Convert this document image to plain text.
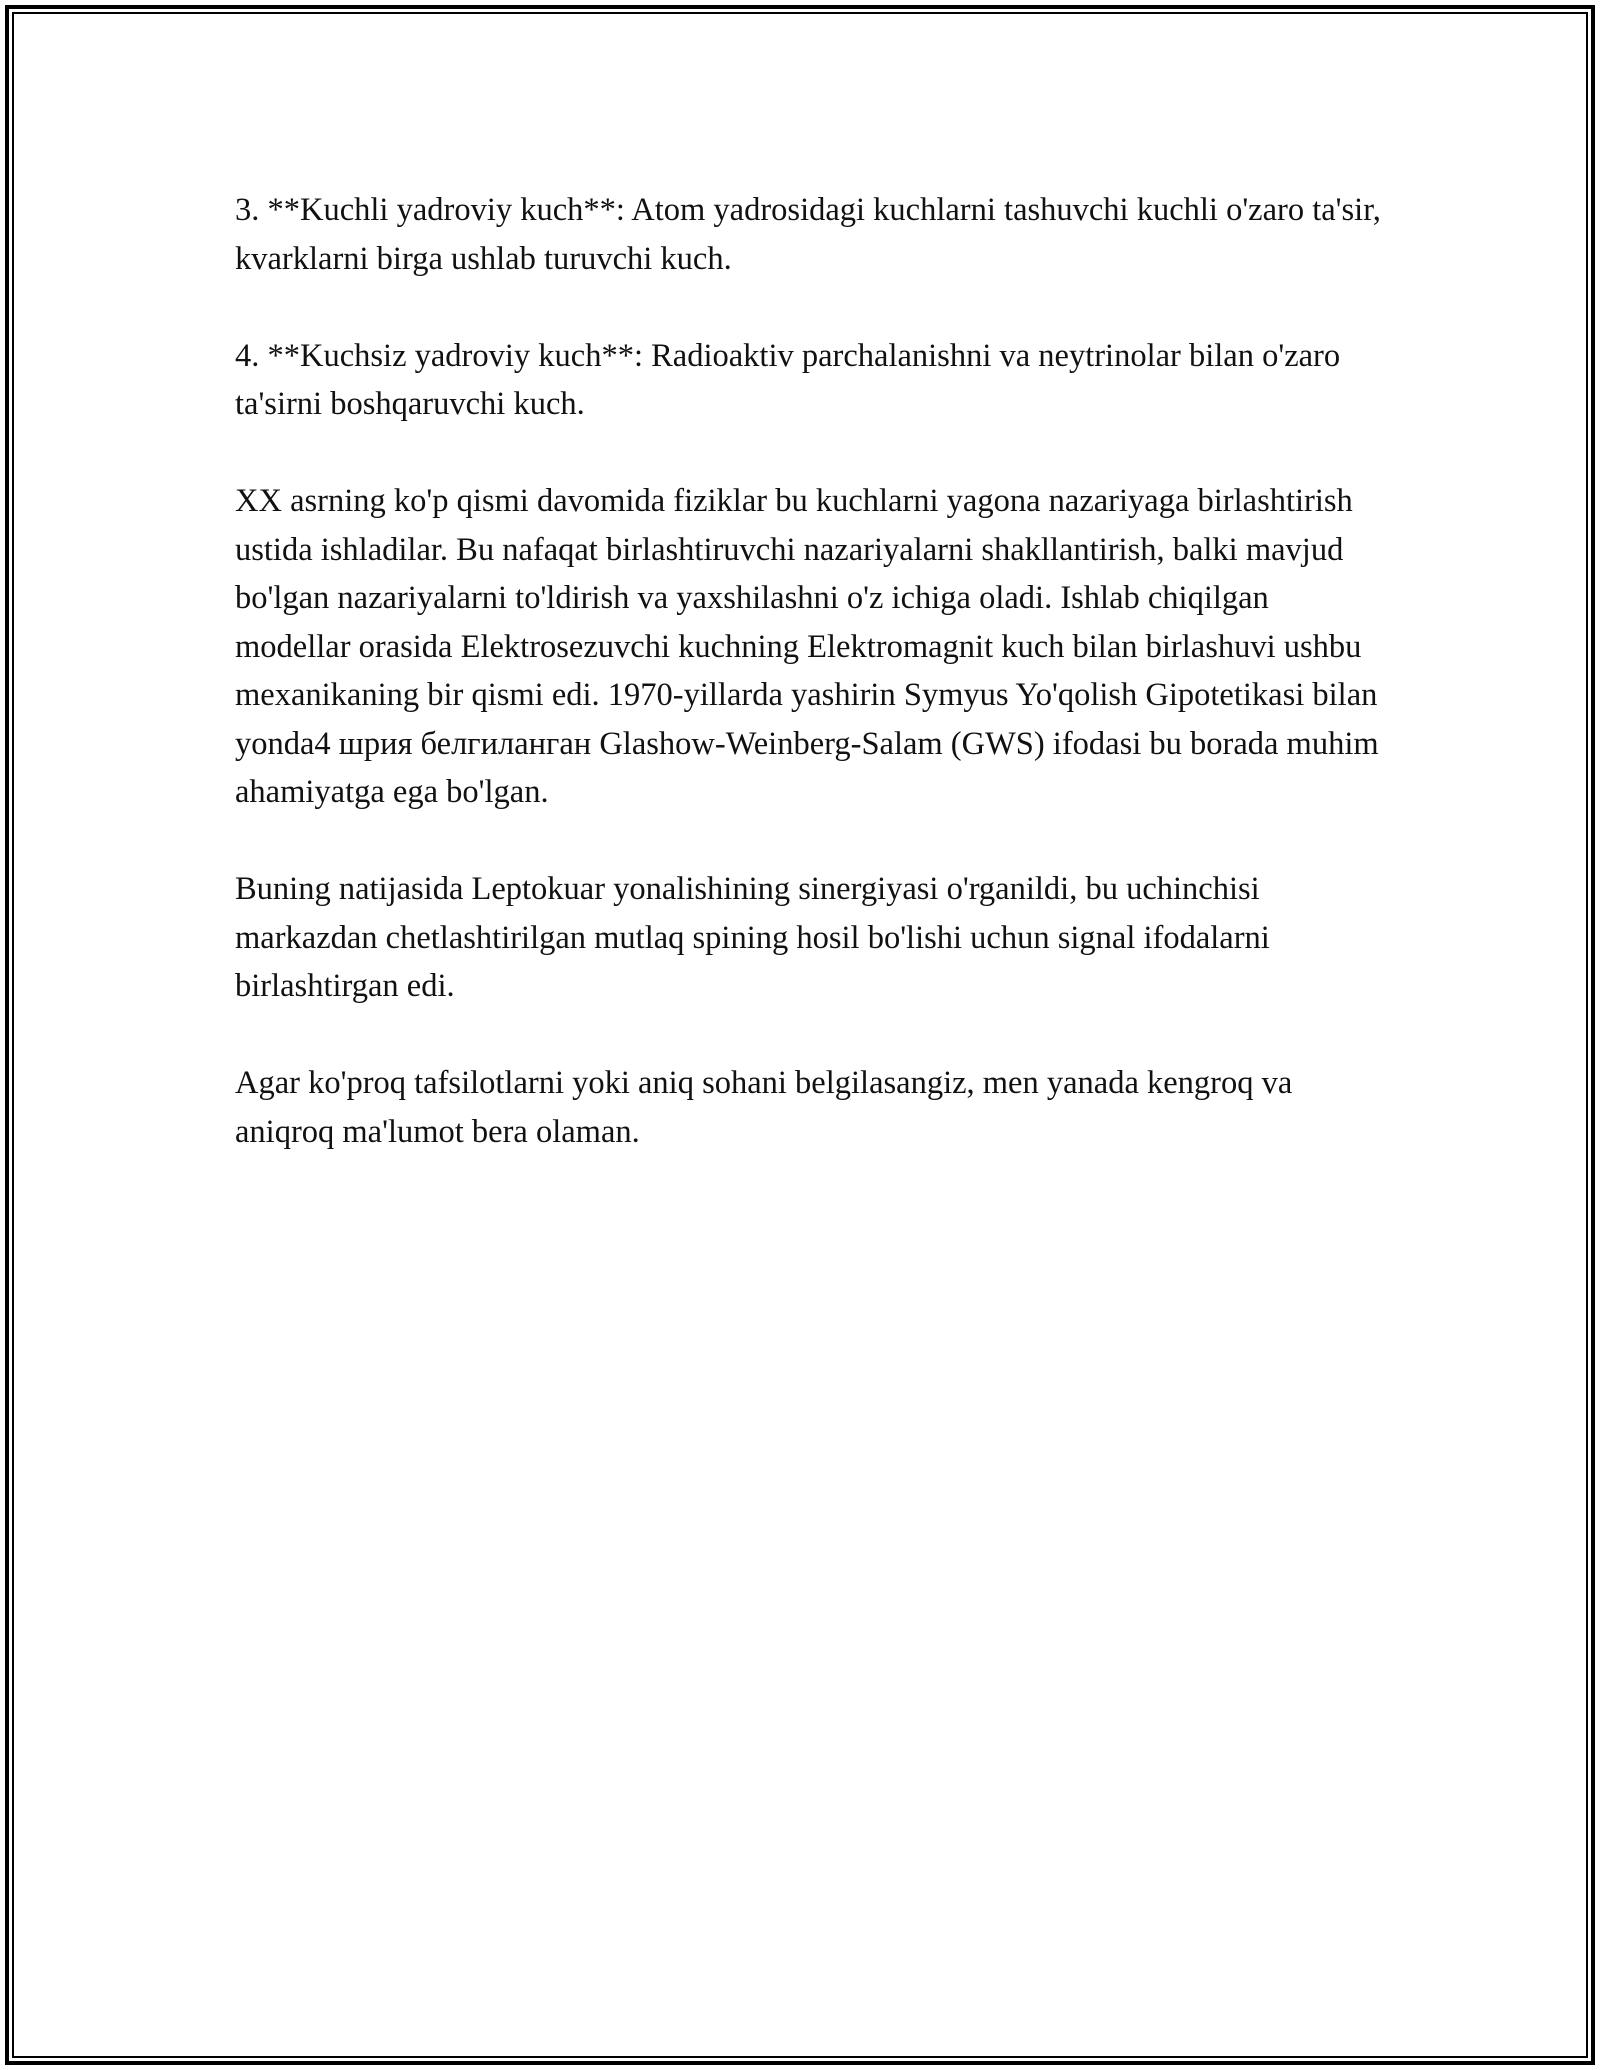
3. **Kuchli yadroviy kuch**: Atom yadrosidagi kuchlarni tashuvchi kuchli o'zaro ta'sir, kvarklarni birga ushlab turuvchi kuch.

4. **Kuchsiz yadroviy kuch**: Radioaktiv parchalanishni va neytrinolar bilan o'zaro ta'sirni boshqaruvchi kuch.

XX asrning ko'p qismi davomida fiziklar bu kuchlarni yagona nazariyaga birlashtirish ustida ishladilar. Bu nafaqat birlashtiruvchi nazariyalarni shakllantirish, balki mavjud bo'lgan nazariyalarni to'ldirish va yaxshilashni o'z ichiga oladi. Ishlab chiqilgan modellar orasida Elektrosezuvchi kuchning Elektromagnit kuch bilan birlashuvi ushbu mexanikaning bir qismi edi. 1970-yillarda yashirin Symyus Yo'qolish Gipotetikasi bilan yonda4 шрия белгиланган Glashow-Weinberg-Salam (GWS) ifodasi bu borada muhim ahamiyatga ega bo'lgan.

Buning natijasida Leptokuar yonalishining sinergiyasi o'rganildi, bu uchinchisi markazdan chetlashtirilgan mutlaq spining hosil bo'lishi uchun signal ifodalarni birlashtirgan edi.

Agar ko'proq tafsilotlarni yoki aniq sohani belgilasangiz, men yanada kengroq va aniqroq ma'lumot bera olaman.
